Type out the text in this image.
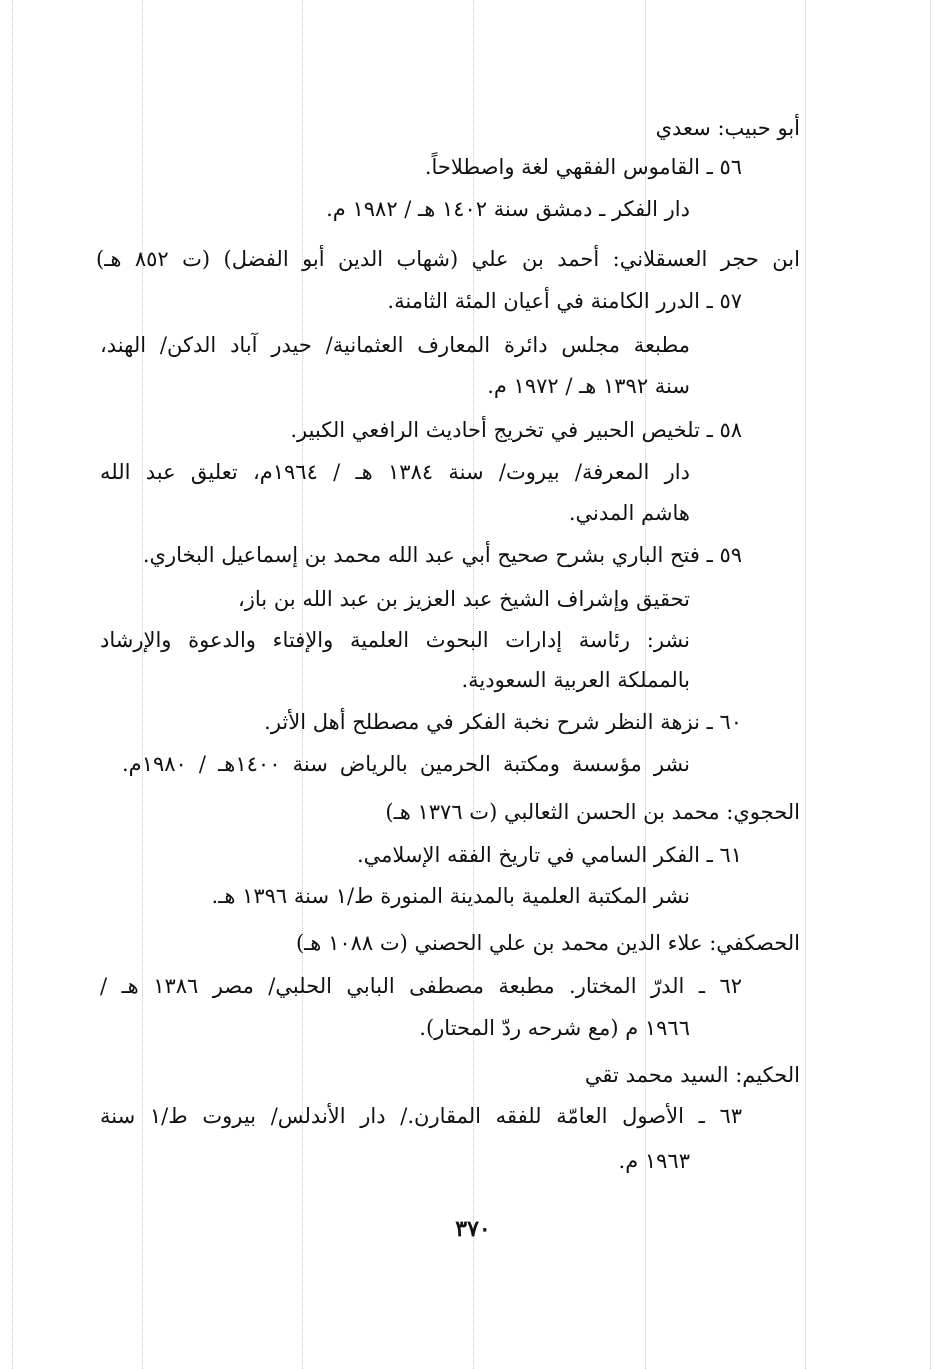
أبو حبيب: سعدي
٥٦ ـ القاموس الفقهي لغة واصطلاحاً.
دار الفكر ـ دمشق سنة ١٤٠٢ هـ / ١٩٨٢ م.
ابن حجر العسقلاني: أحمد بن علي (شهاب الدين أبو الفضل) (ت ٨٥٢ هـ)
٥٧ ـ الدرر الكامنة في أعيان المئة الثامنة.
مطبعة مجلس دائرة المعارف العثمانية/ حيدر آباد الدكن/ الهند،
سنة ١٣٩٢ هـ / ١٩٧٢ م.
٥٨ ـ تلخيص الحبير في تخريج أحاديث الرافعي الكبير.
دار المعرفة/ بيروت/ سنة ١٣٨٤ هـ / ١٩٦٤م، تعليق عبد الله
هاشم المدني.
٥٩ ـ فتح الباري بشرح صحيح أبي عبد الله محمد بن إسماعيل البخاري.
تحقيق وإشراف الشيخ عبد العزيز بن عبد الله بن باز،
نشر: رئاسة إدارات البحوث العلمية والإفتاء والدعوة والإرشاد
بالمملكة العربية السعودية.
٦٠ ـ نزهة النظر شرح نخبة الفكر في مصطلح أهل الأثر.
نشر مؤسسة ومكتبة الحرمين بالرياض سنة ١٤٠٠هـ / ١٩٨٠م.
الحجوي: محمد بن الحسن الثعالبي (ت ١٣٧٦ هـ)
٦١ ـ الفكر السامي في تاريخ الفقه الإسلامي.
نشر المكتبة العلمية بالمدينة المنورة ط/١ سنة ١٣٩٦ هـ.
الحصكفي: علاء الدين محمد بن علي الحصني (ت ١٠٨٨ هـ)
٦٢ ـ الدرّ المختار. مطبعة مصطفى البابي الحلبي/ مصر ١٣٨٦ هـ /
١٩٦٦ م (مع شرحه ردّ المحتار).
الحكيم: السيد محمد تقي
٦٣ ـ الأصول العامّة للفقه المقارن./ دار الأندلس/ بيروت ط/١ سنة
١٩٦٣ م.
٣٧٠
